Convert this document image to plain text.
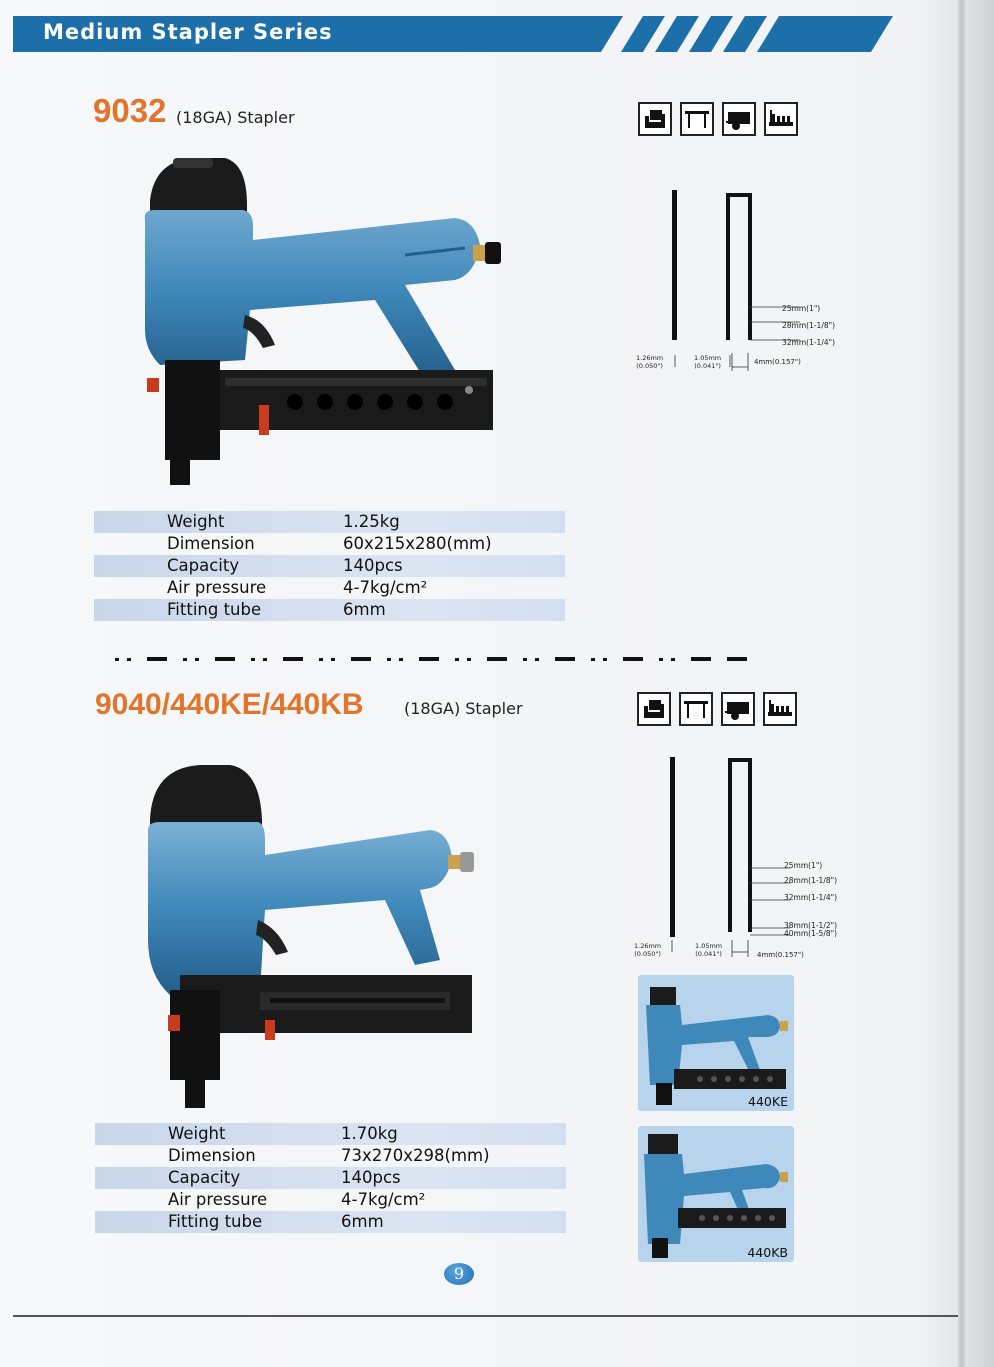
Medium Stapler Series
9032 (18GA) Stapler
25mm(1")
28mm(1-1/8")
32mm(1-1/4")
1.26mm
(0.050")
1.05mm
(0.041")	4mm(0.157")
Weight	1.25kg
Dimension	60x215x280(mm)
Capacity	140pcs
Air pressure	4-7kg/cm²
Fitting tube	6mm
9040/440KE/440KB	(18GA) Stapler
25mm(1")
28mm(1-1/8")
32mm(1-1/4")
38mm(1-1/2")
40mm(1-5/8")
1.26mm
(0.050")
1.05mm
(0.041")	4mm(0.157")
440KE
440KB
Weight	1.70kg
Dimension	73x270x298(mm)
Capacity	140pcs
Air pressure	4-7kg/cm²
Fitting tube	6mm
9
